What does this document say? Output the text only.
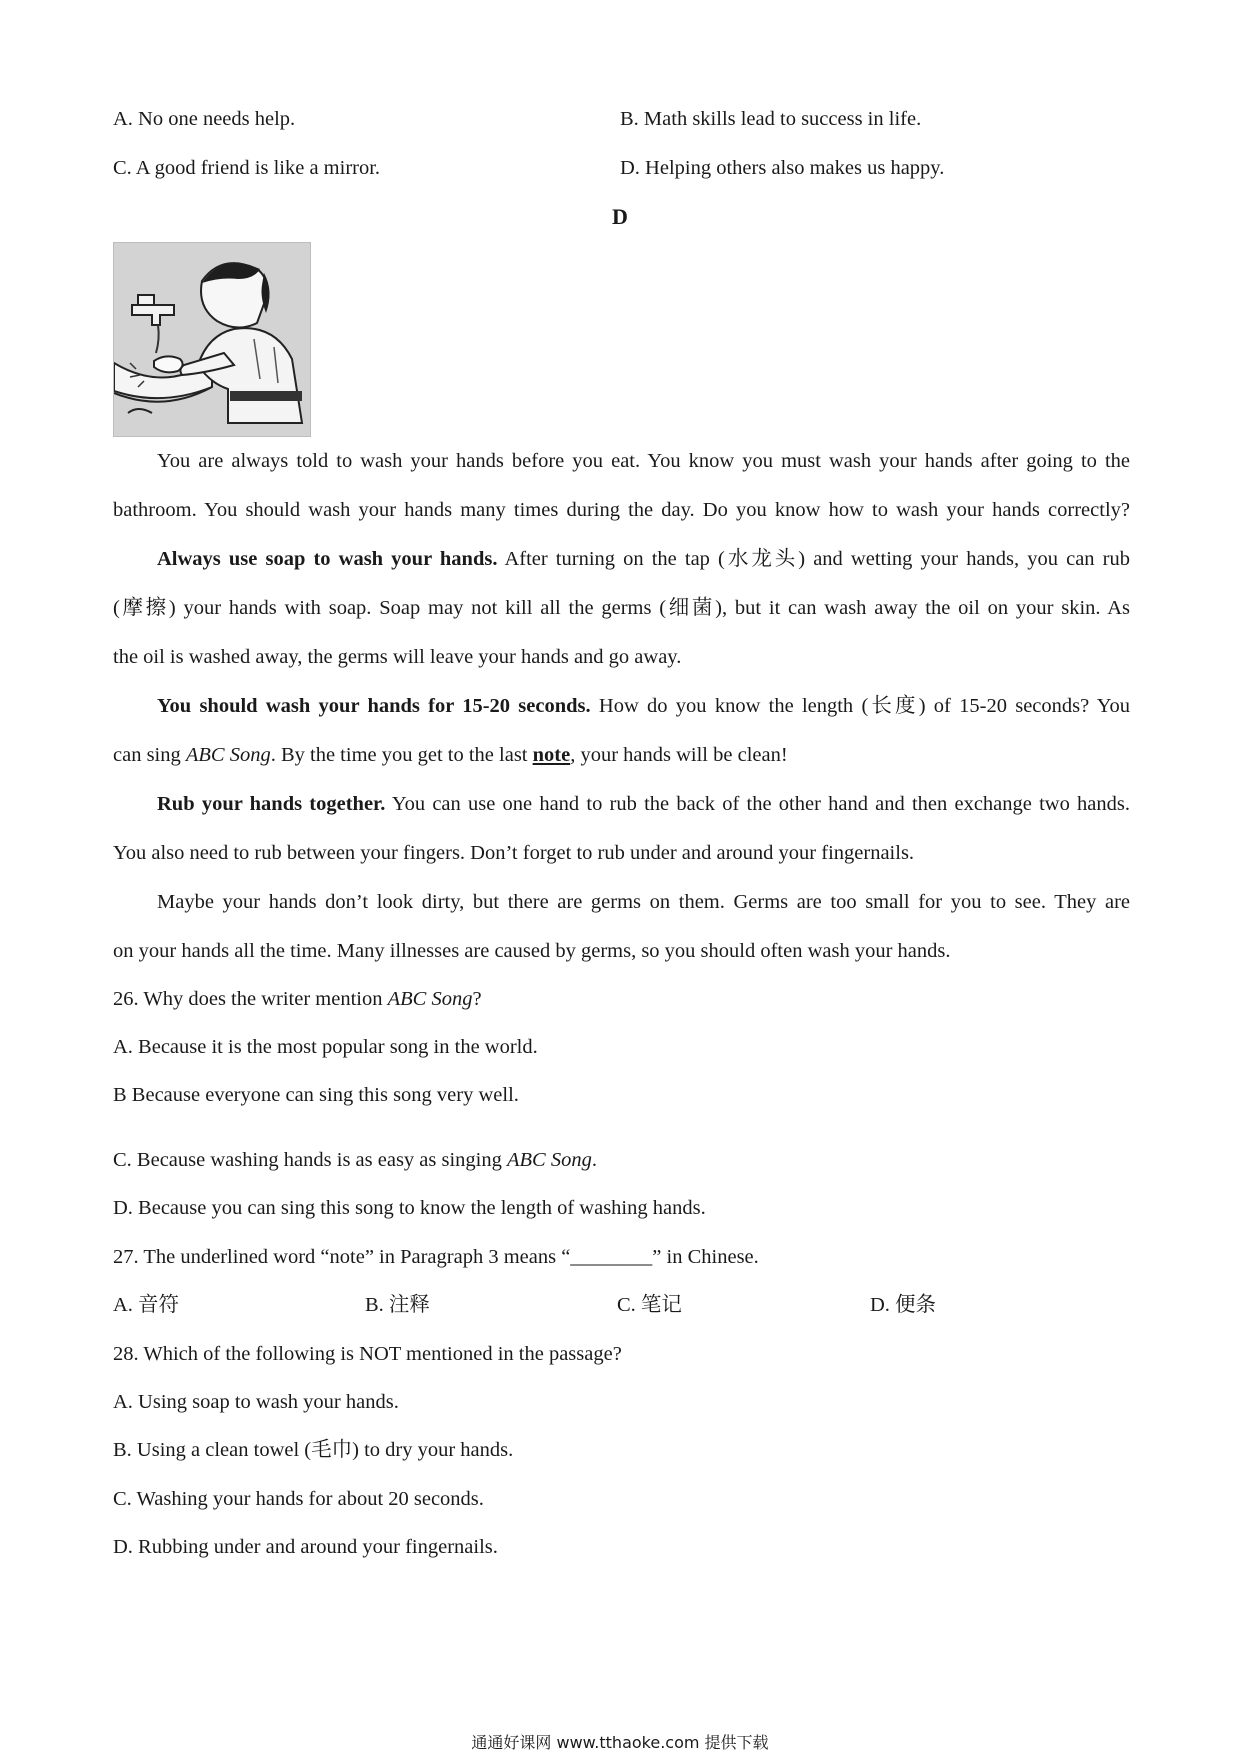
A. No one needs help.	B. Math skills lead to success in life.
C. A good friend is like a mirror.	D. Helping others also makes us happy.
D
You are always told to wash your hands before you eat. You know you must wash your hands after going to the
bathroom. You should wash your hands many times during the day. Do you know how to wash your hands correctly?
Always use soap to wash your hands. After turning on the tap (水龙头) and wetting your hands, you can rub
(摩擦) your hands with soap. Soap may not kill all the germs (细菌), but it can wash away the oil on your skin. As
the oil is washed away, the germs will leave your hands and go away.
You should wash your hands for 15-20 seconds. How do you know the length (长度) of 15-20 seconds? You
can sing ABC Song. By the time you get to the last note, your hands will be clean!
Rub your hands together. You can use one hand to rub the back of the other hand and then exchange two hands.
You also need to rub between your fingers. Don’t forget to rub under and around your fingernails.
Maybe your hands don’t look dirty, but there are germs on them. Germs are too small for you to see. They are
on your hands all the time. Many illnesses are caused by germs, so you should often wash your hands.
26. Why does the writer mention ABC Song?
A. Because it is the most popular song in the world.
B Because everyone can sing this song very well.
C. Because washing hands is as easy as singing ABC Song.
D. Because you can sing this song to know the length of washing hands.
27. The underlined word “note” in Paragraph 3 means “________” in Chinese.
A. 音符	B. 注释	C. 笔记	D. 便条
28. Which of the following is NOT mentioned in the passage?
A. Using soap to wash your hands.
B. Using a clean towel (毛巾) to dry your hands.
C. Washing your hands for about 20 seconds.
D. Rubbing under and around your fingernails.
通通好课网 www.tthaoke.com 提供下载
